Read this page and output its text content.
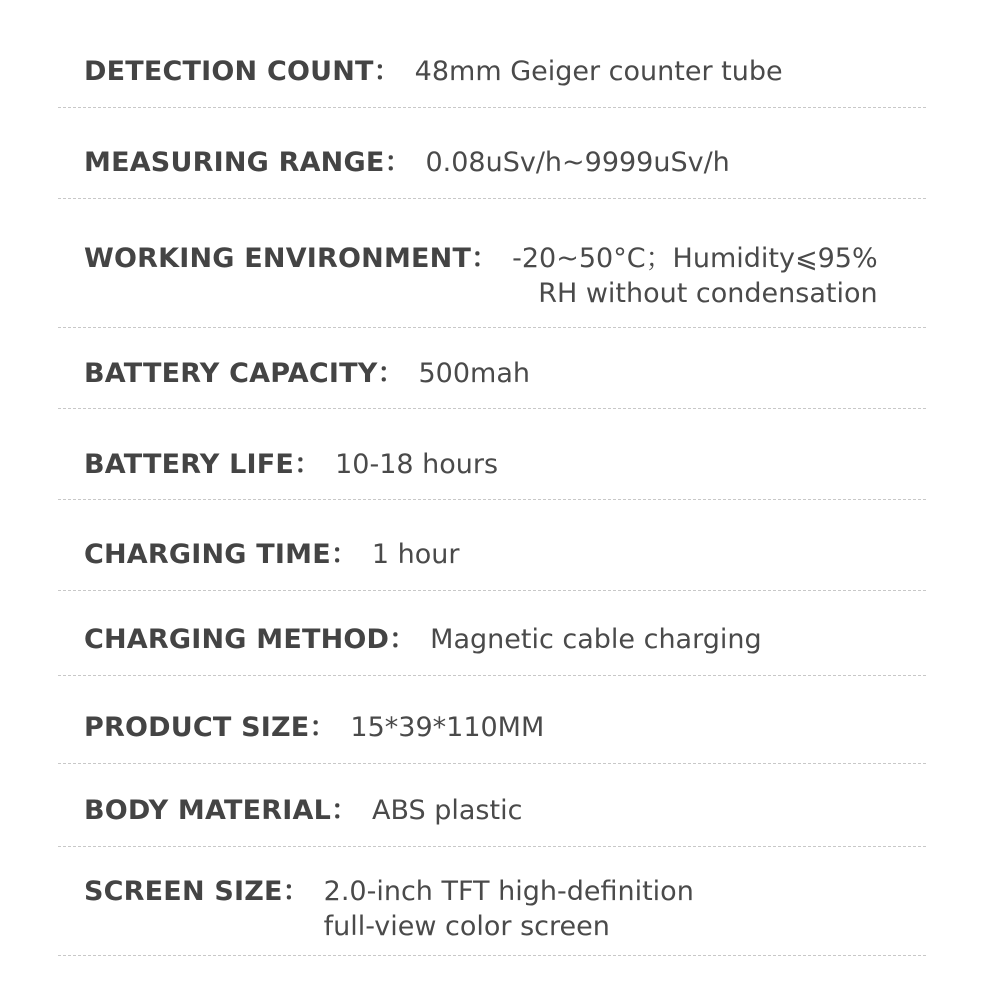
DETECTION COUNT ： 48mm Geiger counter tube
MEASURING RANGE ： 0.08uSv/h~9999uSv/h
WORKING ENVIRONMENT ： -20~50°C；Humidity⩽95%
RH without condensation
BATTERY CAPACITY ： 500mah
BATTERY LIFE ： 10-18 hours
CHARGING TIME ： 1 hour
CHARGING METHOD ： Magnetic cable charging
PRODUCT SIZE ： 15*39*110MM
BODY MATERIAL ： ABS plastic
SCREEN SIZE ： 2.0-inch TFT high-definition
full-view color screen
